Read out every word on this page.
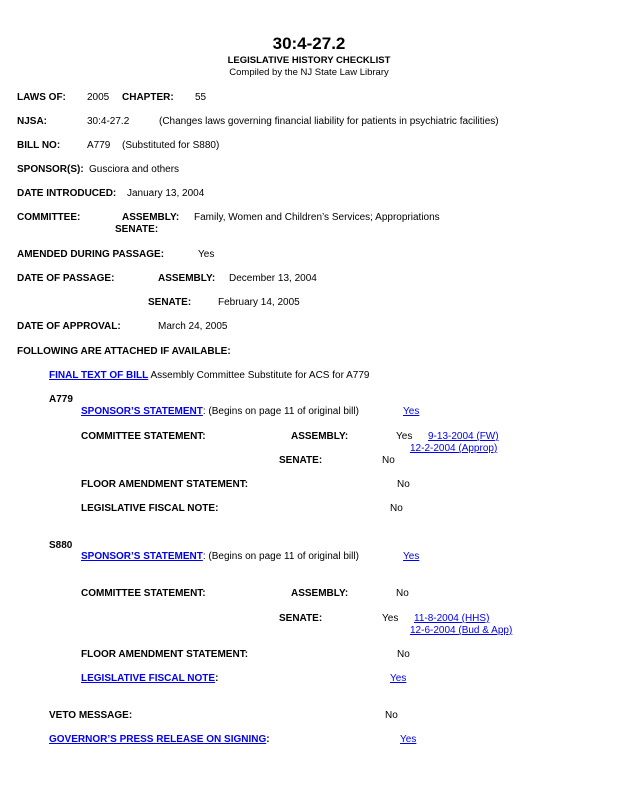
30:4-27.2
LEGISLATIVE HISTORY CHECKLIST
Compiled by the NJ State Law Library
LAWS OF: 2005 CHAPTER: 55
NJSA:	30:4-27.2	(Changes laws governing financial liability for patients in psychiatric facilities)
BILL NO:	A779 (Substituted for S880)
SPONSOR(S): Gusciora and others
DATE INTRODUCED: January 13, 2004
COMMITTEE:	ASSEMBLY: Family, Women and Children’s Services; Appropriations
SENATE:
AMENDED DURING PASSAGE:	Yes
DATE OF PASSAGE:	ASSEMBLY: December 13, 2004
SENATE:	February 14, 2005
DATE OF APPROVAL:	March 24, 2005
FOLLOWING ARE ATTACHED IF AVAILABLE:
FINAL TEXT OF BILL Assembly Committee Substitute for ACS for A779
A779
SPONSOR’S STATEMENT: (Begins on page 11 of original bill)	Yes
COMMITTEE STATEMENT:	ASSEMBLY:	Yes 9-13-2004 (FW)
12-2-2004 (Approp)
SENATE:	No
FLOOR AMENDMENT STATEMENT:	No
LEGISLATIVE FISCAL NOTE:	No
S880
SPONSOR’S STATEMENT: (Begins on page 11 of original bill)	Yes
COMMITTEE STATEMENT:	ASSEMBLY:	No
SENATE:	Yes 11-8-2004 (HHS)
12-6-2004 (Bud & App)
FLOOR AMENDMENT STATEMENT:	No
LEGISLATIVE FISCAL NOTE:	Yes
VETO MESSAGE:	No
GOVERNOR’S PRESS RELEASE ON SIGNING:	Yes
